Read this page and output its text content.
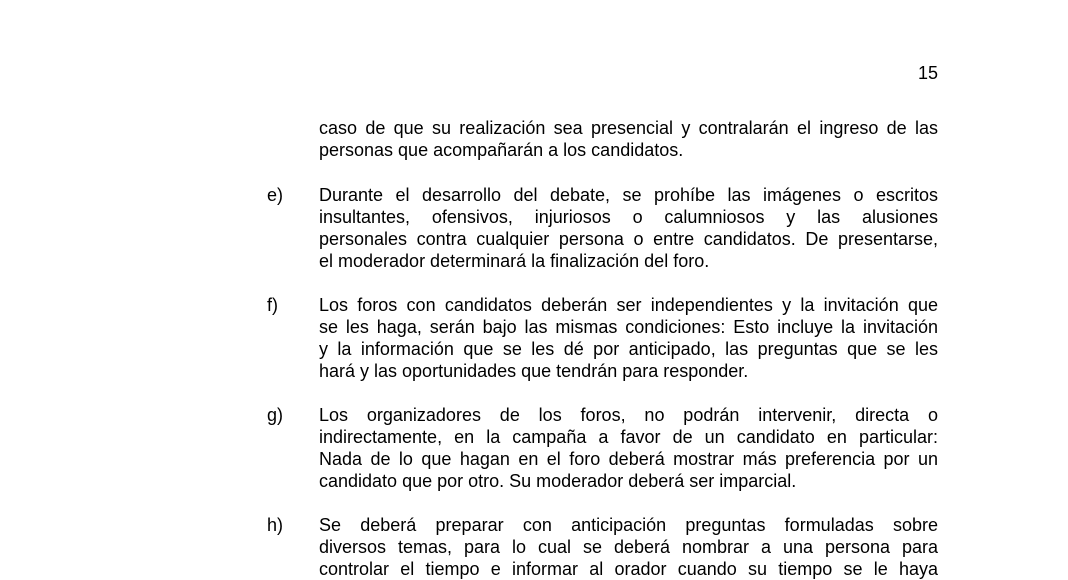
15
caso de que su realización sea presencial y contralarán el ingreso de las
personas que acompañarán a los candidatos.
e) Durante el desarrollo del debate, se prohíbe las imágenes o escritos
insultantes, ofensivos, injuriosos o calumniosos y las alusiones
personales contra cualquier persona o entre candidatos. De presentarse,
el moderador determinará la finalización del foro.
f) Los foros con candidatos deberán ser independientes y la invitación que
se les haga, serán bajo las mismas condiciones: Esto incluye la invitación
y la información que se les dé por anticipado, las preguntas que se les
hará y las oportunidades que tendrán para responder.
g) Los organizadores de los foros, no podrán intervenir, directa o
indirectamente, en la campaña a favor de un candidato en particular:
Nada de lo que hagan en el foro deberá mostrar más preferencia por un
candidato que por otro. Su moderador deberá ser imparcial.
h) Se deberá preparar con anticipación preguntas formuladas sobre
diversos temas, para lo cual se deberá nombrar a una persona para
controlar el tiempo e informar al orador cuando su tiempo se le haya
